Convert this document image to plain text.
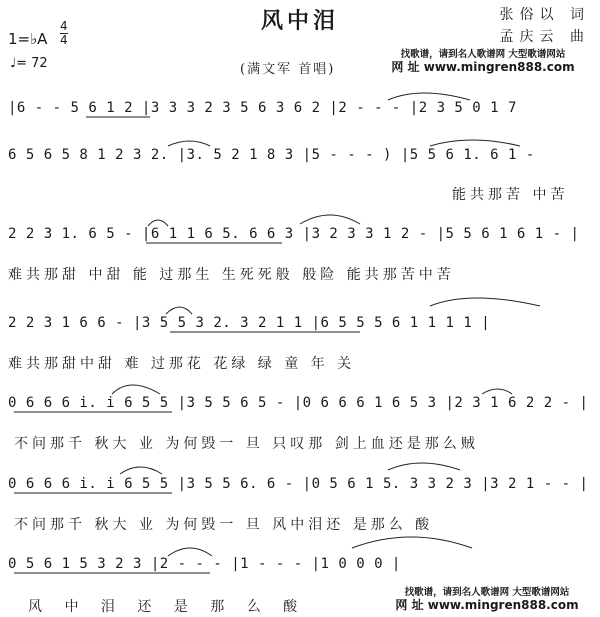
风中泪	张俗以 词
孟庆云 曲
1=♭A
4
4
♩= 72	(满文军 首唱)
找歌谱，请到名人歌谱网 大型歌谱网站
网 址 www.mingren888.com
|6 - - 5 6 1 2 |3 3 3 2 3 5 6 3 6 2 |2 - - - |2 3 5 0 1 7
6 5 6 5 8 1 2 3 2. |3. 5 2 1 8 3 |5 - - - ) |5 5 6 1. 6 1 -
能共那苦 中苦
2 2 3 1. 6 5 - |6 1 1 6 5. 6 6 3 |3 2 3 3 1 2 - |5 5 6 1 6 1 - |
难共那甜 中甜 能 过那生 生死死般 般险 能共那苦中苦
2 2 3 1 6 6 - |3 5 5 3 2. 3 2 1 1 |6 5 5 5 6 1 1 1 1 |
难共那甜中甜 难 过那花 花绿 绿 童 年 关
0 6 6 6 i. i 6 5 5 |3 5 5 6 5 - |0 6 6 6 1 6 5 3 |2 3 1 6 2 2 - |
不问那千 秋大 业 为何毁一 旦 只叹那 剑上血还是那么贼
0 6 6 6 i. i 6 5 5 |3 5 5 6. 6 - |0 5 6 1 5. 3 3 2 3 |3 2 1 - - |
不问那千 秋大 业 为何毁一 旦 风中泪还 是那么 酸
0 5 6 1 5 3 2 3 |2 - - - |1 - - - |1 0 0 0 |
风 中 泪 还 是 那 么 酸
找歌谱，请到名人歌谱网 大型歌谱网站
网 址 www.mingren888.com
